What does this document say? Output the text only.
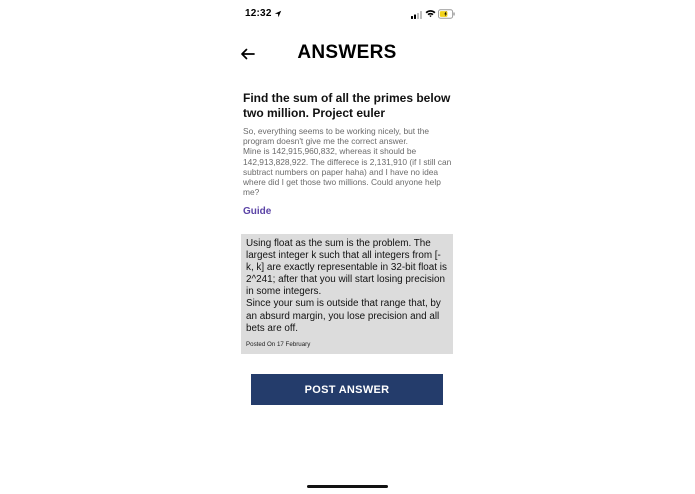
12:32
ANSWERS
Find the sum of all the primes below two million. Project euler

So, everything seems to be working nicely, but the program doesn't give me the correct answer.
Mine is 142,915,960,832, whereas it should be 142,913,828,922. The differece is 2,131,910 (if I still can subtract numbers on paper haha) and I have no idea where did I get those two millions. Could anyone help me?

Guide

Using float as the sum is the problem. The largest integer k such that all integers from [-k, k] are exactly representable in 32-bit float is 2^241; after that you will start losing precision in some integers.
Since your sum is outside that range that, by an absurd margin, you lose precision and all bets are off.

Posted On 17 February
POST ANSWER
